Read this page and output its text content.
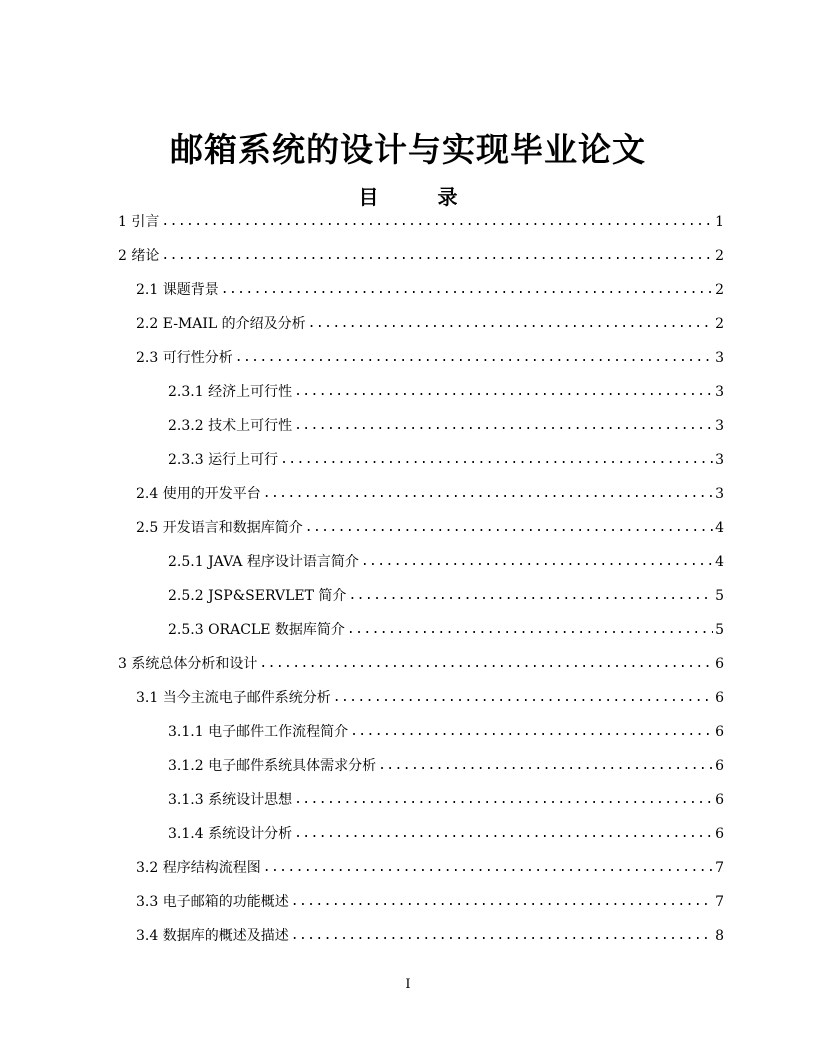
邮箱系统的设计与实现毕业论文
目 录
1 引言 .....	1
2 绪论 .....	2
2.1 课题背景 .....	2
2.2 E-MAIL 的介绍及分析 .....	2
2.3 可行性分析 .....	3
2.3.1 经济上可行性 .....	3
2.3.2 技术上可行性 .....	3
2.3.3 运行上可行 .....	3
2.4 使用的开发平台 .....	3
2.5 开发语言和数据库简介 .....	4
2.5.1 JAVA 程序设计语言简介 .....	4
2.5.2 JSP&SERVLET 简介 .....	5
2.5.3 ORACLE 数据库简介 .....	5
3 系统总体分析和设计 .....	6
3.1 当今主流电子邮件系统分析 .....	6
3.1.1 电子邮件工作流程简介 .....	6
3.1.2 电子邮件系统具体需求分析 .....	6
3.1.3 系统设计思想 .....	6
3.1.4 系统设计分析 .....	6
3.2 程序结构流程图 .....	7
3.3 电子邮箱的功能概述 .....	7
3.4 数据库的概述及描述 .....	8
I
